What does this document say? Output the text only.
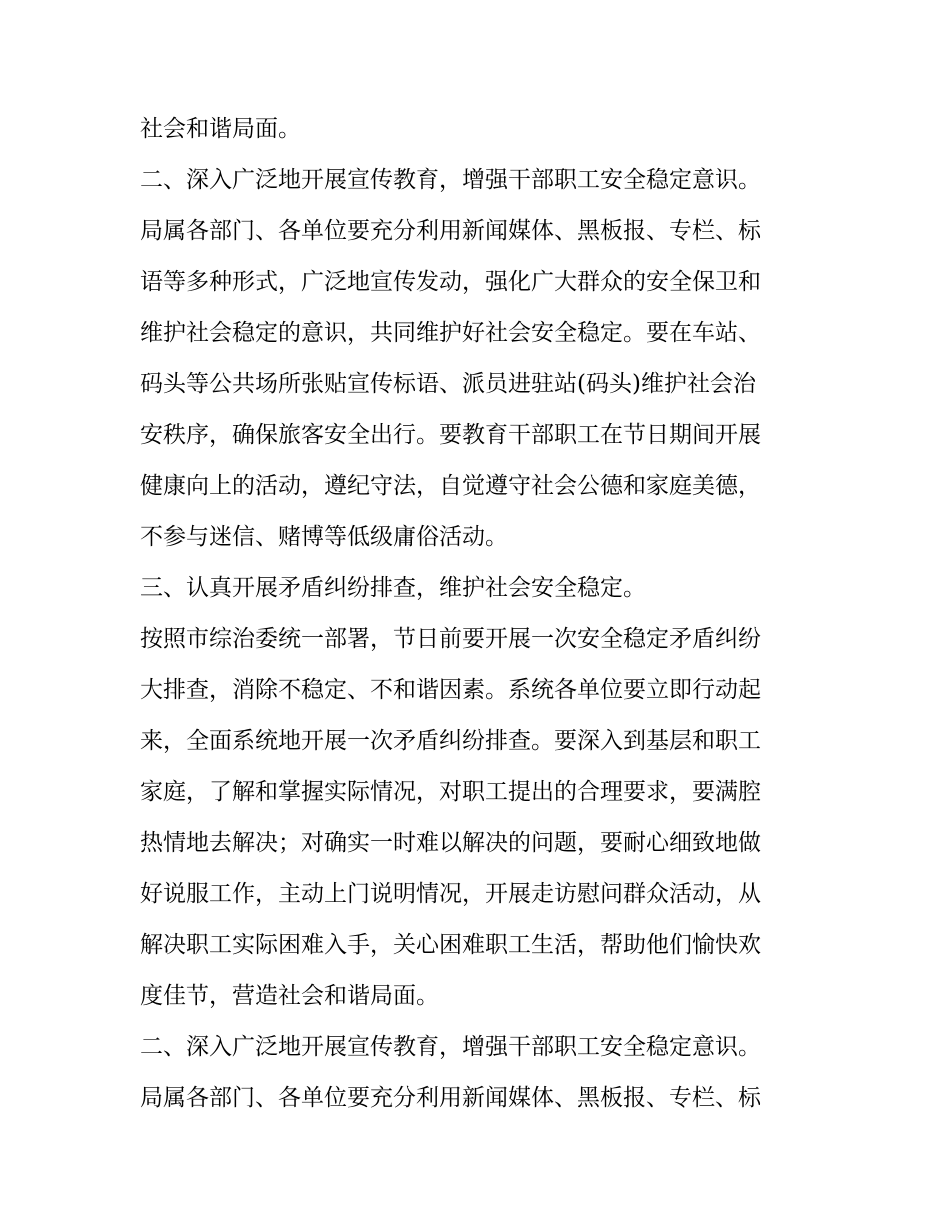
社会和谐局面。
二、深入广泛地开展宣传教育，增强干部职工安全稳定意识。
局属各部门、各单位要充分利用新闻媒体、黑板报、专栏、标
语等多种形式，广泛地宣传发动，强化广大群众的安全保卫和
维护社会稳定的意识，共同维护好社会安全稳定。要在车站、
码头等公共场所张贴宣传标语、派员进驻站(码头)维护社会治
安秩序，确保旅客安全出行。要教育干部职工在节日期间开展
健康向上的活动，遵纪守法，自觉遵守社会公德和家庭美德，
不参与迷信、赌博等低级庸俗活动。
三、认真开展矛盾纠纷排查，维护社会安全稳定。
按照市综治委统一部署，节日前要开展一次安全稳定矛盾纠纷
大排查，消除不稳定、不和谐因素。系统各单位要立即行动起
来，全面系统地开展一次矛盾纠纷排查。要深入到基层和职工
家庭，了解和掌握实际情况，对职工提出的合理要求，要满腔
热情地去解决；对确实一时难以解决的问题，要耐心细致地做
好说服工作，主动上门说明情况，开展走访慰问群众活动，从
解决职工实际困难入手，关心困难职工生活，帮助他们愉快欢
度佳节，营造社会和谐局面。
二、深入广泛地开展宣传教育，增强干部职工安全稳定意识。
局属各部门、各单位要充分利用新闻媒体、黑板报、专栏、标
